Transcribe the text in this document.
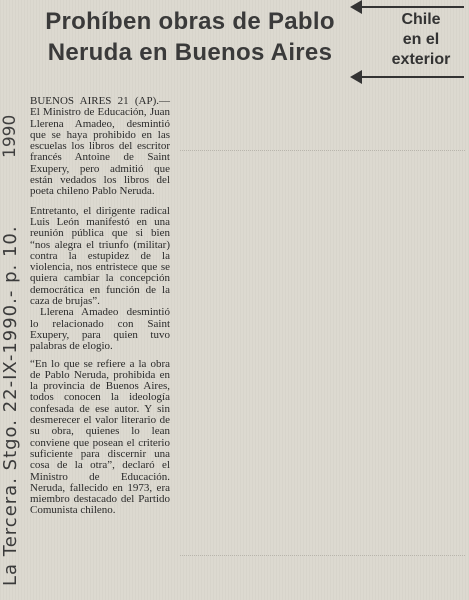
Prohíben obras de Pablo
Neruda en Buenos Aires
Chile
en el
exterior
1990
La Tercera. Stgo. 22-IX-1990.- p. 10.

BUENOS AIRES 21 (AP).— El Ministro de Educación, Juan Llerena Amadeo, desmintió que se haya prohibido en las escuelas los libros del escritor francés Antoine de Saint Exupery, pero admitió que están vedados los libros del poeta chileno Pablo Neruda.

Entretanto, el dirigente radical Luis León manifestó en una reunión pública que si bien “nos alegra el triunfo (militar) contra la estupidez de la violencia, nos entristece que se quiera cambiar la concepción democrática en función de la caza de brujas”.

Llerena Amadeo desmintió lo relacionado con Saint Exupery, para quien tuvo palabras de elogio.

“En lo que se refiere a la obra de Pablo Neruda, prohibida en la provincia de Buenos Aires, todos conocen la ideología confesada de ese autor. Y sin desmerecer el valor literario de su obra, quienes lo lean conviene que posean el criterio suficiente para discernir una cosa de la otra”, declaró el Ministro de Educación. Neruda, fallecido en 1973, era miembro destacado del Partido Comunista chileno.
